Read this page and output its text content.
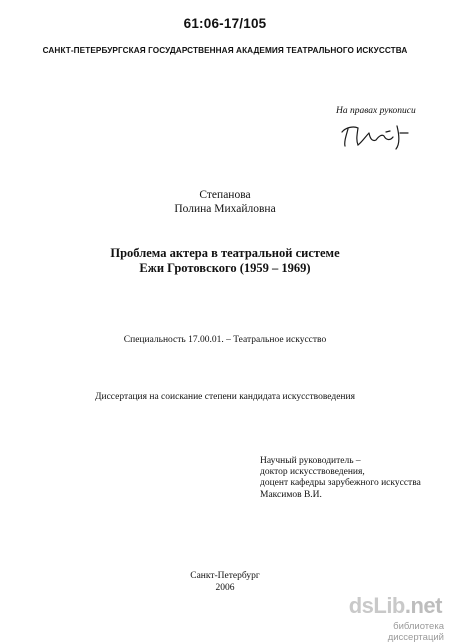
61:06-17/105
САНКТ-ПЕТЕРБУРГСКАЯ ГОСУДАРСТВЕННАЯ АКАДЕМИЯ ТЕАТРАЛЬНОГО ИСКУССТВА
На правах рукописи
Степанова
Полина Михайловна
Проблема актера в театральной системе
Ежи Гротовского (1959 – 1969)
Специальность 17.00.01. – Театральное искусство
Диссертация на соискание степени кандидата искусствоведения
Научный руководитель –
доктор искусствоведения,
доцент кафедры зарубежного искусства
Максимов В.И.
Санкт-Петербург
2006
dsLib.net
библиотека диссертаций
